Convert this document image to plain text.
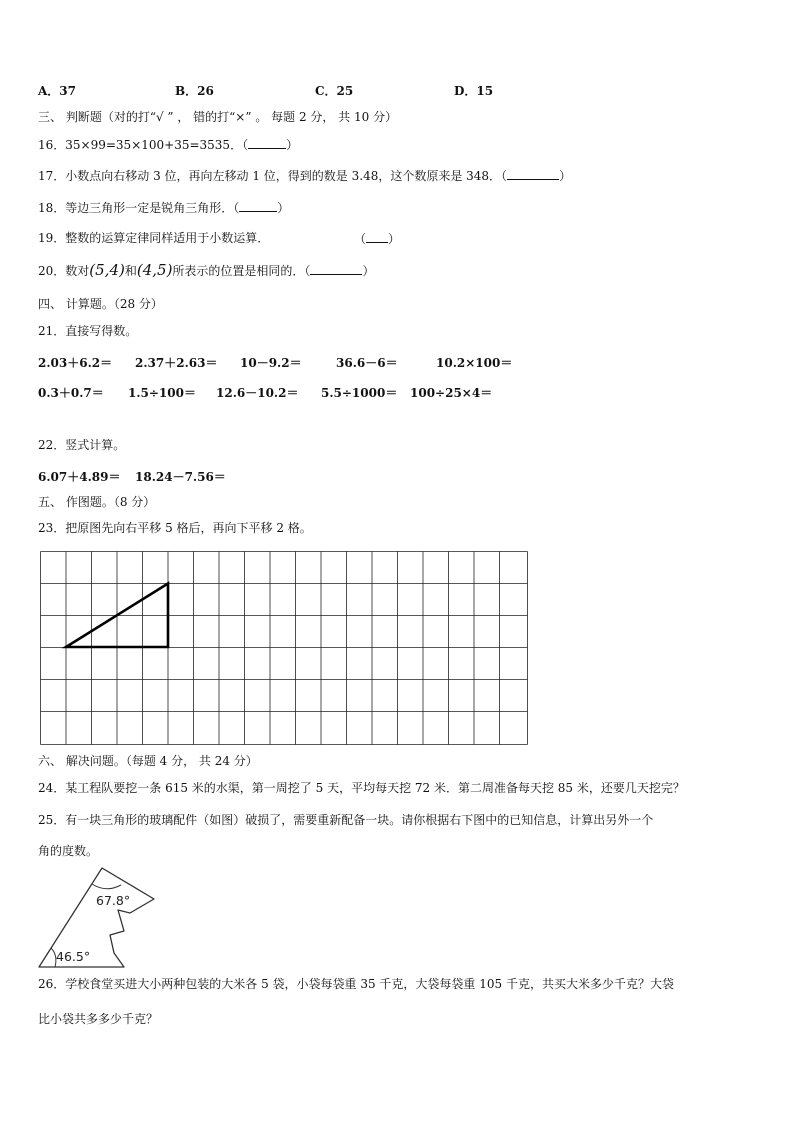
A．37	B．26	C．25	D．15
三、 判断题（对的打“√ ” ， 错的打“×” 。 每题 2 分， 共 10 分）
16．35×99=35×100+35=3535．（	）
17．小数点向右移动 3 位，再向左移动 1 位，得到的数是 3.48，这个数原来是 348．（	）
18．等边三角形一定是锐角三角形．（	）
19．整数的运算定律同样适用于小数运算．	（ ）
20．数对(5,4)和(4,5)所表示的位置是相同的．（	）
四、 计算题。（28 分）
21．直接写得数。
2.03＋6.2＝ 2.37＋2.63＝ 10－9.2＝	36.6－6＝	10.2×100＝
0.3＋0.7＝ 1.5÷100＝ 12.6－10.2＝ 5.5÷1000＝ 100÷25×4＝
22．竖式计算。
6.07＋4.89＝ 18.24－7.56＝
五、 作图题。（8 分）
23．把原图先向右平移 5 格后，再向下平移 2 格。
六、 解决问题。（每题 4 分， 共 24 分）
24．某工程队要挖一条 615 米的水渠，第一周挖了 5 天，平均每天挖 72 米．第二周准备每天挖 85 米，还要几天挖完？
25．有一块三角形的玻璃配件（如图）破损了，需要重新配备一块。请你根据右下图中的已知信息，计算出另外一个
角的度数。
67.8°
46.5°
26．学校食堂买进大小两种包装的大米各 5 袋，小袋每袋重 35 千克，大袋每袋重 105 千克，共买大米多少千克？大袋
比小袋共多多少千克？
